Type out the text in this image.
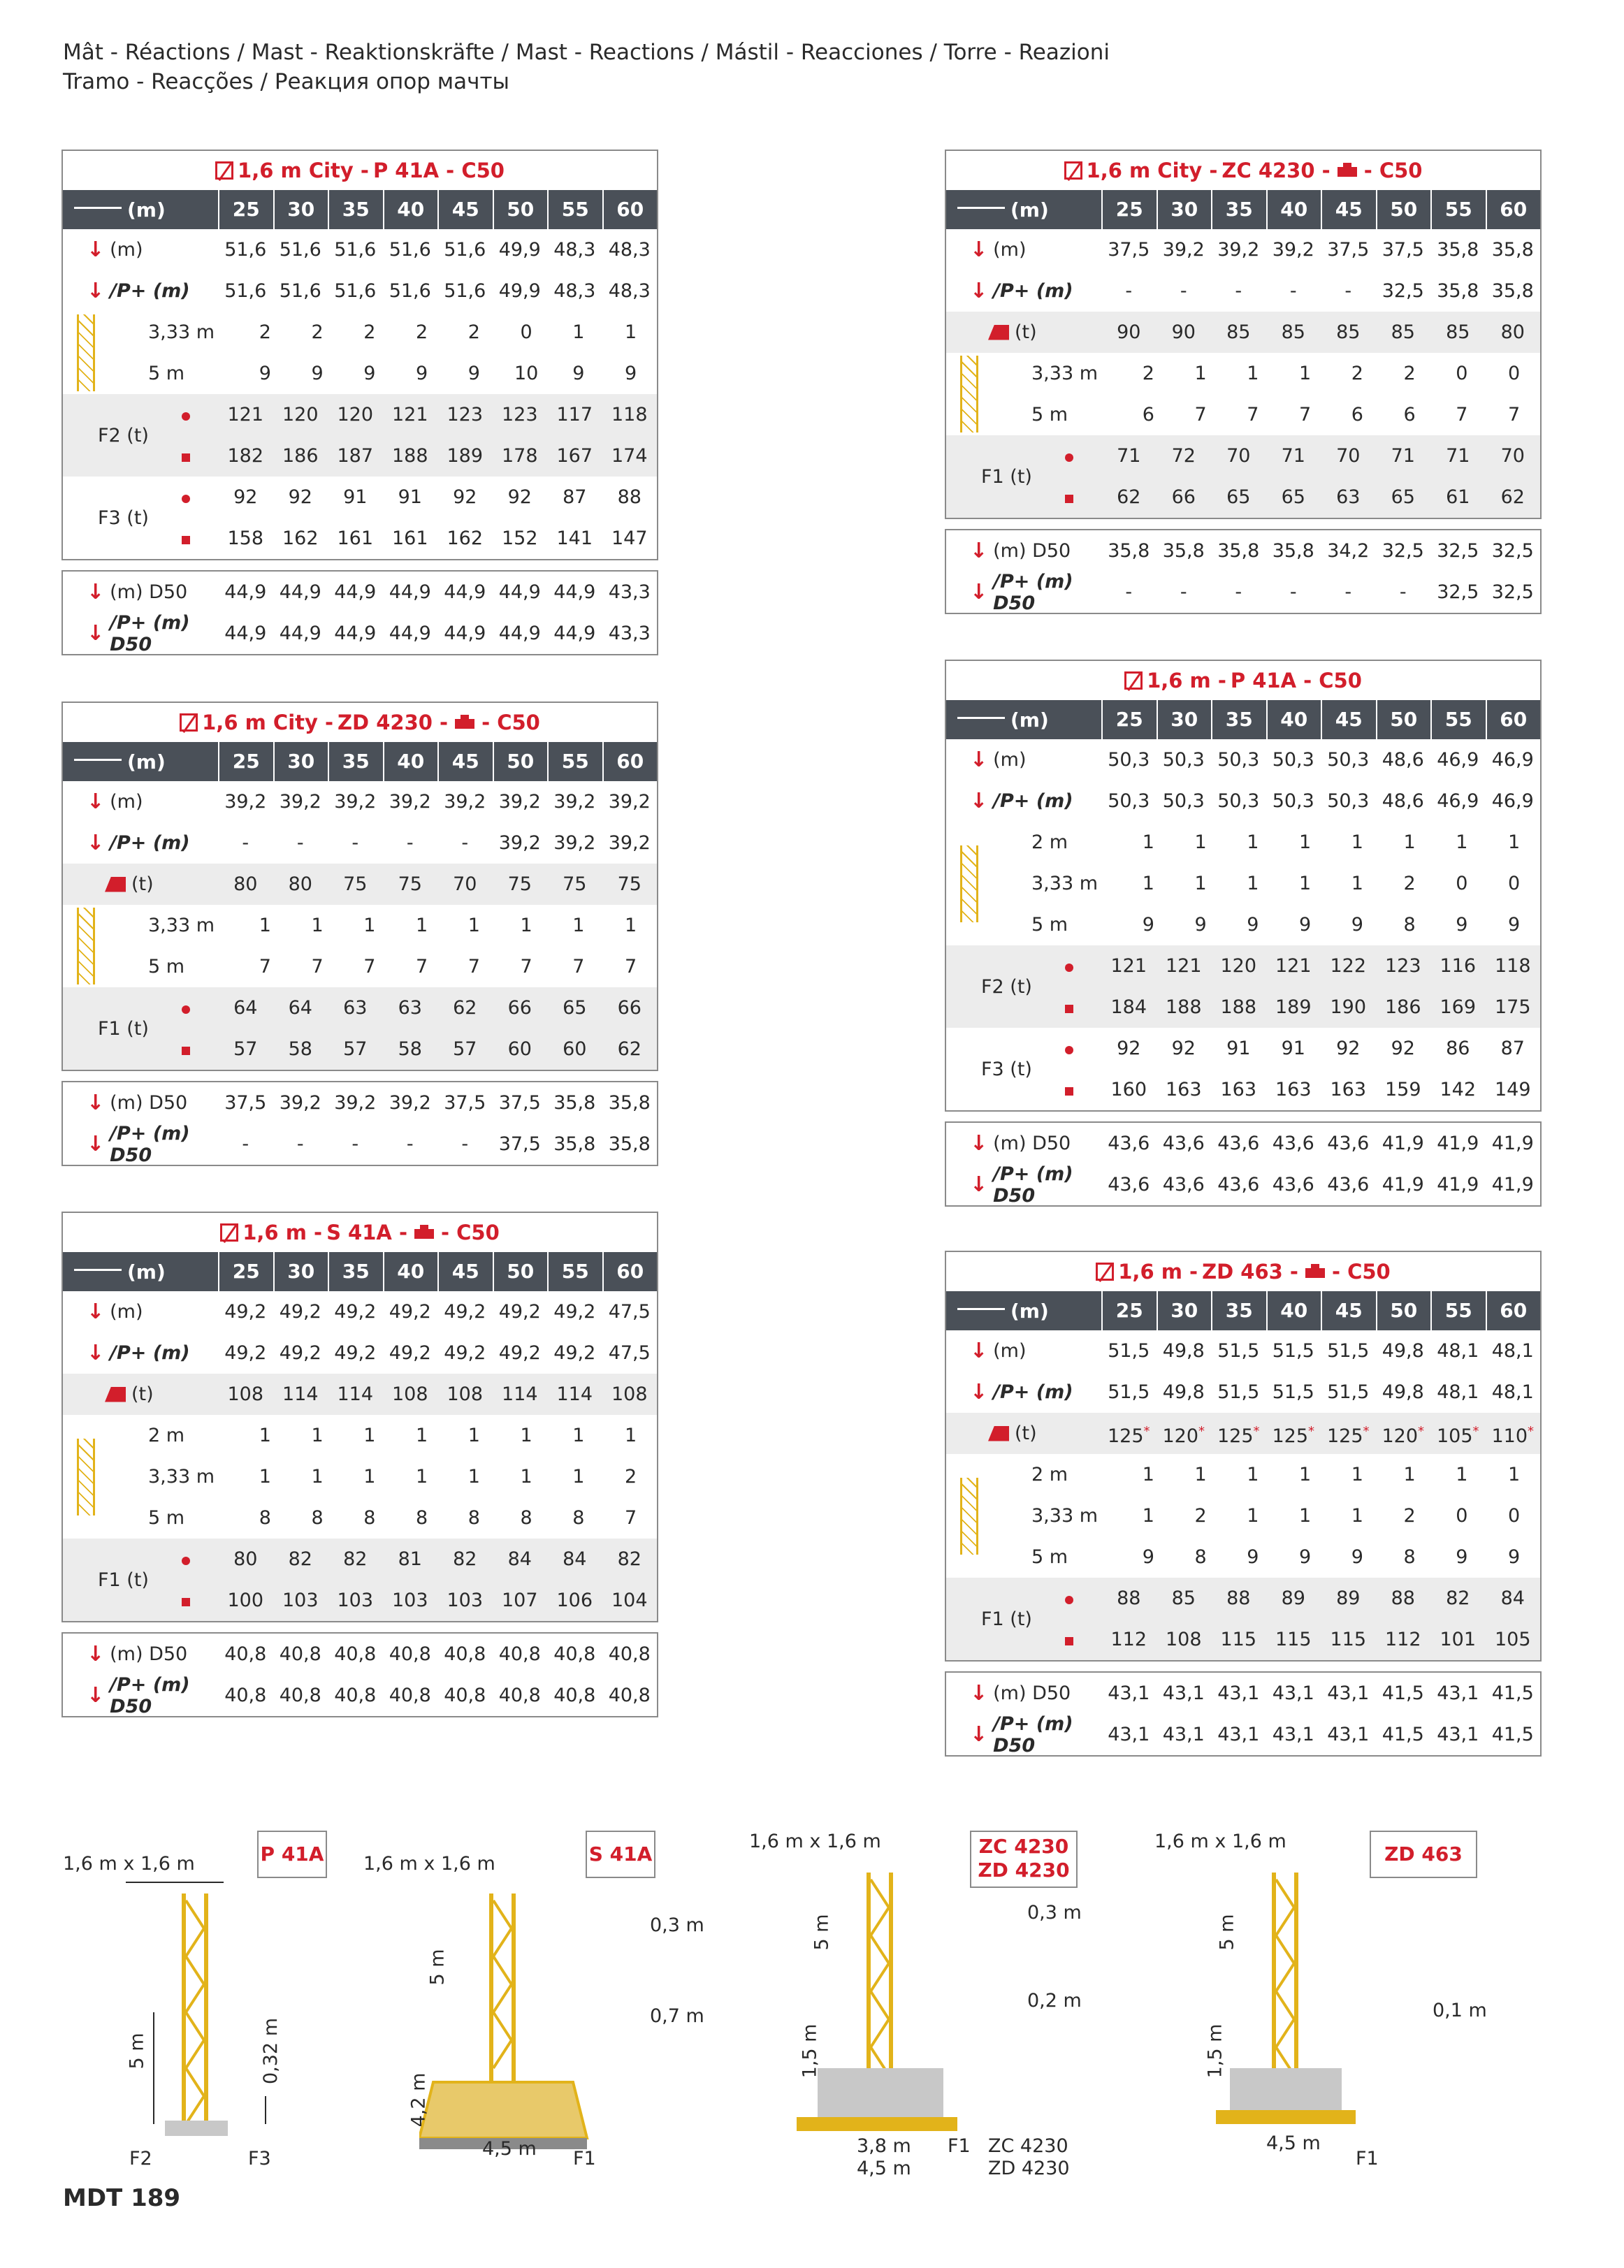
Mât - Réactions / Mast - Reaktionskräfte / Mast - Reactions / Mástil - Reacciones / Torre - Reazioni
Tramo - Reacções / Реакция опор мачты
1,6 m City - P 41A - C50
(m)	25	30	35	40	45	50	55	60
↓ (m)	51,6 51,6 51,6 51,6 51,6 49,9 48,3 48,3
↓ /P+ (m)	51,6 51,6 51,6 51,6 51,6 49,9 48,3 48,3
3,33 m	2	2	2	2	2	0	1	1
5 m	9	9	9	9	9	10	9	9
F2 (t)
121 120 120 121 123 123 117 118
182 186 187 188 189 178 167 174
F3 (t)
92	92	91	91	92	92	87	88
158 162 161 161 162 152 141 147
↓ (m) D50	44,9 44,9 44,9 44,9 44,9 44,9 44,9 43,3
↓ /P+ (m) D50	44,9 44,9 44,9 44,9 44,9 44,9 44,9 43,3
1,6 m City - ZD 4230 - - C50
(m)	25	30	35	40	45	50	55	60
↓ (m)	39,2 39,2 39,2 39,2 39,2 39,2 39,2 39,2
↓ /P+ (m)	-	-	-	-	-	39,2 39,2 39,2
(t)	80	80	75	75	70	75	75	75
3,33 m	1	1	1	1	1	1	1	1
5 m	7	7	7	7	7	7	7	7
F1 (t)
64	64	63	63	62	66	65	66
57	58	57	58	57	60	60	62
↓ (m) D50	37,5 39,2 39,2 39,2 37,5 37,5 35,8 35,8
↓ /P+ (m) D50	-	-	-	-	-	37,5 35,8 35,8
1,6 m - S 41A - - C50
(m)	25	30	35	40	45	50	55	60
↓ (m)	49,2 49,2 49,2 49,2 49,2 49,2 49,2 47,5
↓ /P+ (m)	49,2 49,2 49,2 49,2 49,2 49,2 49,2 47,5
(t)	108 114 114 108 108 114 114 108
2 m	1	1	1	1	1	1	1	1
3,33 m	1	1	1	1	1	1	1	2
5 m	8	8	8	8	8	8	8	7
F1 (t)
80	82	82	81	82	84	84	82
100 103 103 103 103 107 106 104
↓ (m) D50	40,8 40,8 40,8 40,8 40,8 40,8 40,8 40,8
↓ /P+ (m) D50	40,8 40,8 40,8 40,8 40,8 40,8 40,8 40,8
1,6 m City - ZC 4230 - - C50
(m)	25	30	35	40	45	50	55	60
↓ (m)	37,5 39,2 39,2 39,2 37,5 37,5 35,8 35,8
↓ /P+ (m)	-	-	-	-	-	32,5 35,8 35,8
(t)	90	90	85	85	85	85	85	80
3,33 m	2	1	1	1	2	2	0	0
5 m	6	7	7	7	6	6	7	7
F1 (t)
71	72	70	71	70	71	71	70
62	66	65	65	63	65	61	62
↓ (m) D50	35,8 35,8 35,8 35,8 34,2 32,5 32,5 32,5
↓ /P+ (m) D50	-	-	-	-	-	-	32,5 32,5
1,6 m - P 41A - C50
(m)	25	30	35	40	45	50	55	60
↓ (m)	50,3 50,3 50,3 50,3 50,3 48,6 46,9 46,9
↓ /P+ (m)	50,3 50,3 50,3 50,3 50,3 48,6 46,9 46,9
2 m	1	1	1	1	1	1	1	1
3,33 m	1	1	1	1	1	2	0	0
5 m	9	9	9	9	9	8	9	9
F2 (t)
121 121 120 121 122 123 116 118
184 188 188 189 190 186 169 175
F3 (t)
92	92	91	91	92	92	86	87
160 163 163 163 163 159 142 149
↓ (m) D50	43,6 43,6 43,6 43,6 43,6 41,9 41,9 41,9
↓ /P+ (m) D50	43,6 43,6 43,6 43,6 43,6 41,9 41,9 41,9
1,6 m - ZD 463 - - C50
(m)	25	30	35	40	45	50	55	60
↓ (m)	51,5 49,8 51,5 51,5 51,5 49,8 48,1 48,1
↓ /P+ (m)	51,5 49,8 51,5 51,5 51,5 49,8 48,1 48,1
(t)	125* 120* 125* 125* 125* 120* 105* 110*
2 m	1	1	1	1	1	1	1	1
3,33 m	1	2	1	1	1	2	0	0
5 m	9	8	9	9	9	8	9	9
F1 (t)
88	85	88	89	89	88	82	84
112 108 115 115 115 112 101 105
↓ (m) D50	43,1 43,1 43,1 43,1 43,1 41,5 43,1 41,5
↓ /P+ (m) D50	43,1 43,1 43,1 43,1 43,1 41,5 43,1 41,5
P 41A
1,6 m x 1,6 m
5 m	0,32 m
F2	F3
S 41A
1,6 m x 1,6 m
5 m
4,2 m
4,5 m F1
0,3 m
0,7 m
ZC 4230
ZD 4230
1,6 m x 1,6 m
5 m
1,5 m
3,8 m
4,5 m
F1 ZC 4230
ZD 4230
0,3 m
0,2 m
ZD 463
1,6 m x 1,6 m
5 m
1,5 m
4,5 m
F1
0,1 m
MDT 189
